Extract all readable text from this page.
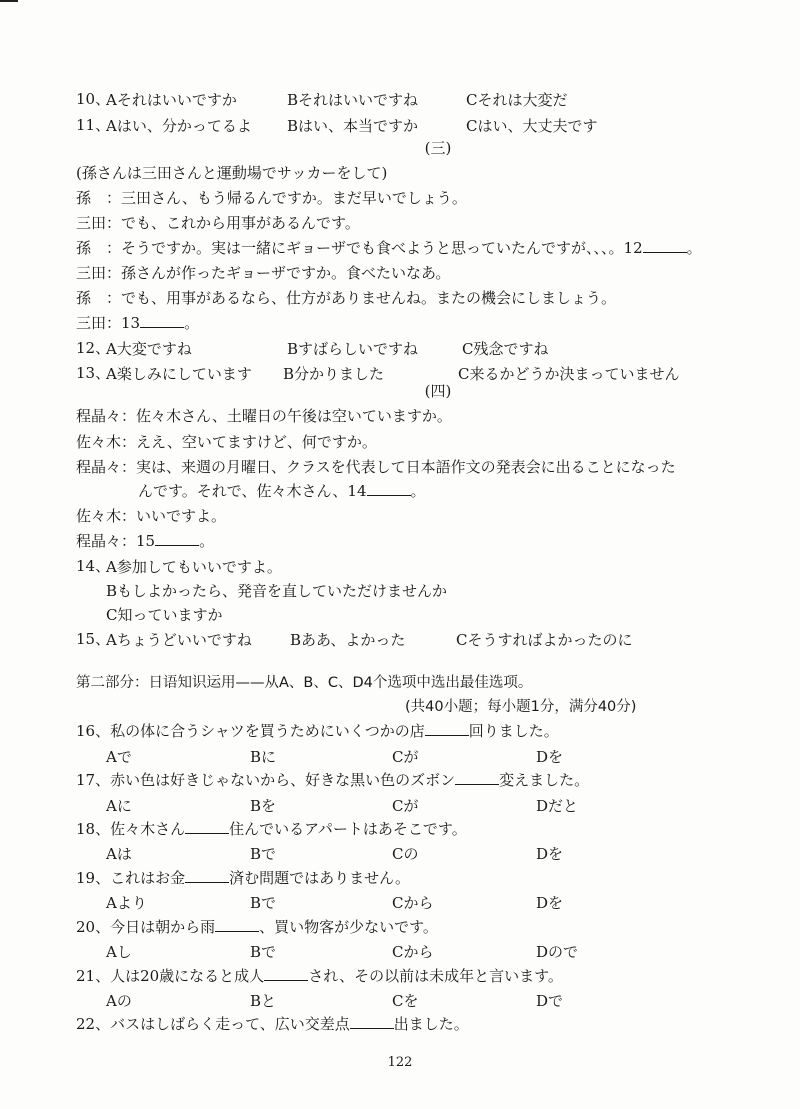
10、
Aそれはいいですか	Bそれはいいですね	Cそれは大変だ
11、
Aはい、分かってるよ Bはい、本当ですか	Cはい、大丈夫です
(三)
(孫さんは三田さんと運動場でサッカーをして)
孫　：三田さん、もう帰るんですか。まだ早いでしょう。
三田：でも、これから用事があるんです。
孫　：そうですか。実は一緒にギョーザでも食べようと思っていたんですが、、、。12	。
三田：孫さんが作ったギョーザですか。食べたいなあ。
孫　：でも、用事があるなら、仕方がありませんね。またの機会にしましょう。
三田：13	。
12、
A大変ですね	Bすばらしいですね	C残念ですね
13、
A楽しみにしています B分かりました	C来るかどうか決まっていません
(四)
程晶々：佐々木さん、土曜日の午後は空いていますか。
佐々木：ええ、空いてますけど、何ですか。
程晶々：実は、来週の月曜日、クラスを代表して日本語作文の発表会に出ることになった
んです。それで、佐々木さん、14	。
佐々木：いいですよ。
程晶々：15	。
14、
A参加してもいいですよ。
Bもしよかったら、発音を直していただけませんか
C知っていますか
15、
Aちょうどいいですね	Bああ、よかった	Cそうすればよかったのに
第二部分：日语知识运用——从A、B、C、D4个选项中选出最佳选项。
(共40小题；每小题1分，满分40分)
16、私の体に合うシャツを買うためにいくつかの店	回りました。
Aで	Bに	Cが	Dを
17、赤い色は好きじゃないから、好きな黒い色のズボン	変えました。
Aに	Bを	Cが	Dだと
18、佐々木さん	住んでいるアパートはあそこです。
Aは	Bで	Cの	Dを
19、これはお金	済む問題ではありません。
Aより	Bで	Cから	Dを
20、今日は朝から雨	、買い物客が少ないです。
Aし	Bで	Cから	Dので
21、人は20歳になると成人	され、その以前は未成年と言います。
Aの	Bと	Cを	Dで
22、バスはしばらく走って、広い交差点	出ました。
122
